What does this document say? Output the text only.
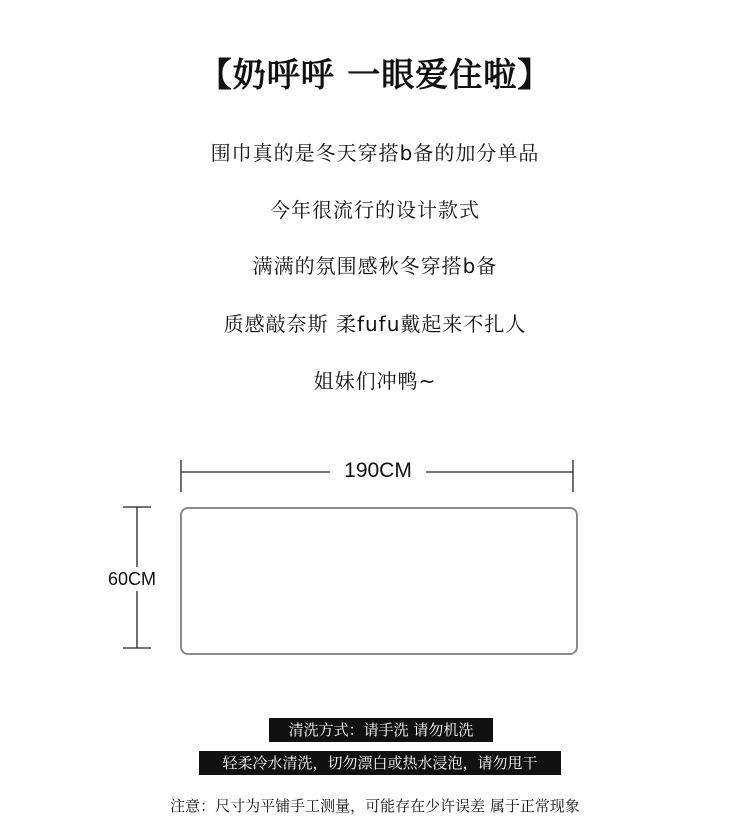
【奶呼呼 一眼爱住啦】
围巾真的是冬天穿搭b备的加分单品
今年很流行的设计款式
满满的氛围感秋冬穿搭b备
质感敲奈斯 柔fufu戴起来不扎人
姐妹们冲鸭~
190CM
60CM
清洗方式：请手洗 请勿机洗
轻柔冷水清洗，切勿漂白或热水浸泡，请勿甩干
注意：尺寸为平铺手工测量，可能存在少许误差 属于正常现象
